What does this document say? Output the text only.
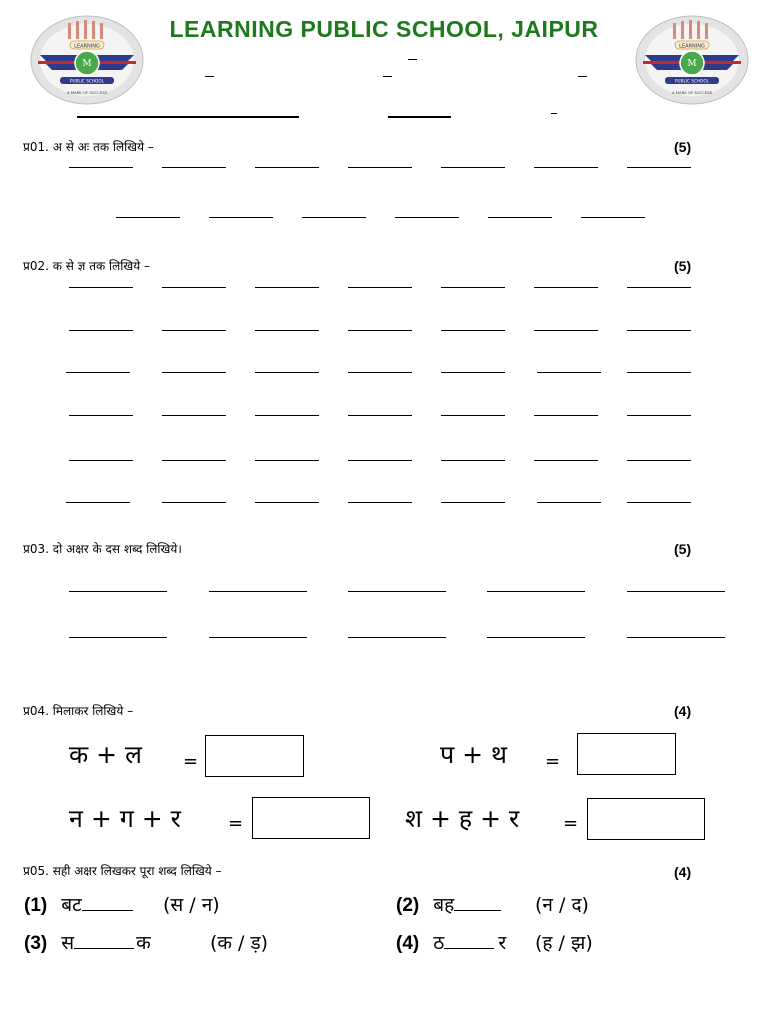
LEARNING PUBLIC SCHOOL, JAIPUR
LEARNING
M
PUBLIC SCHOOL
A MARK OF SUCCESS
LEARNING
M
PUBLIC SCHOOL
A MARK OF SUCCESS
प्र01. अ से अः तक लिखिये –	(5)
प्र02. क से ज्ञ तक लिखिये –	(5)
प्र03. दो अक्षर के दस शब्द लिखिये।	(5)
प्र04. मिलाकर लिखिये –	(4)
क + ल =	प + थ =
न + ग + र	=	श + ह + र =
प्र05. सही अक्षर लिखकर पूरा शब्द लिखिये –	(4)
(1) बट	(स / न)	(2) बह	(न / द)
(3) स	क	(क / ड़)	(4) ठ	र (ह / झ)
